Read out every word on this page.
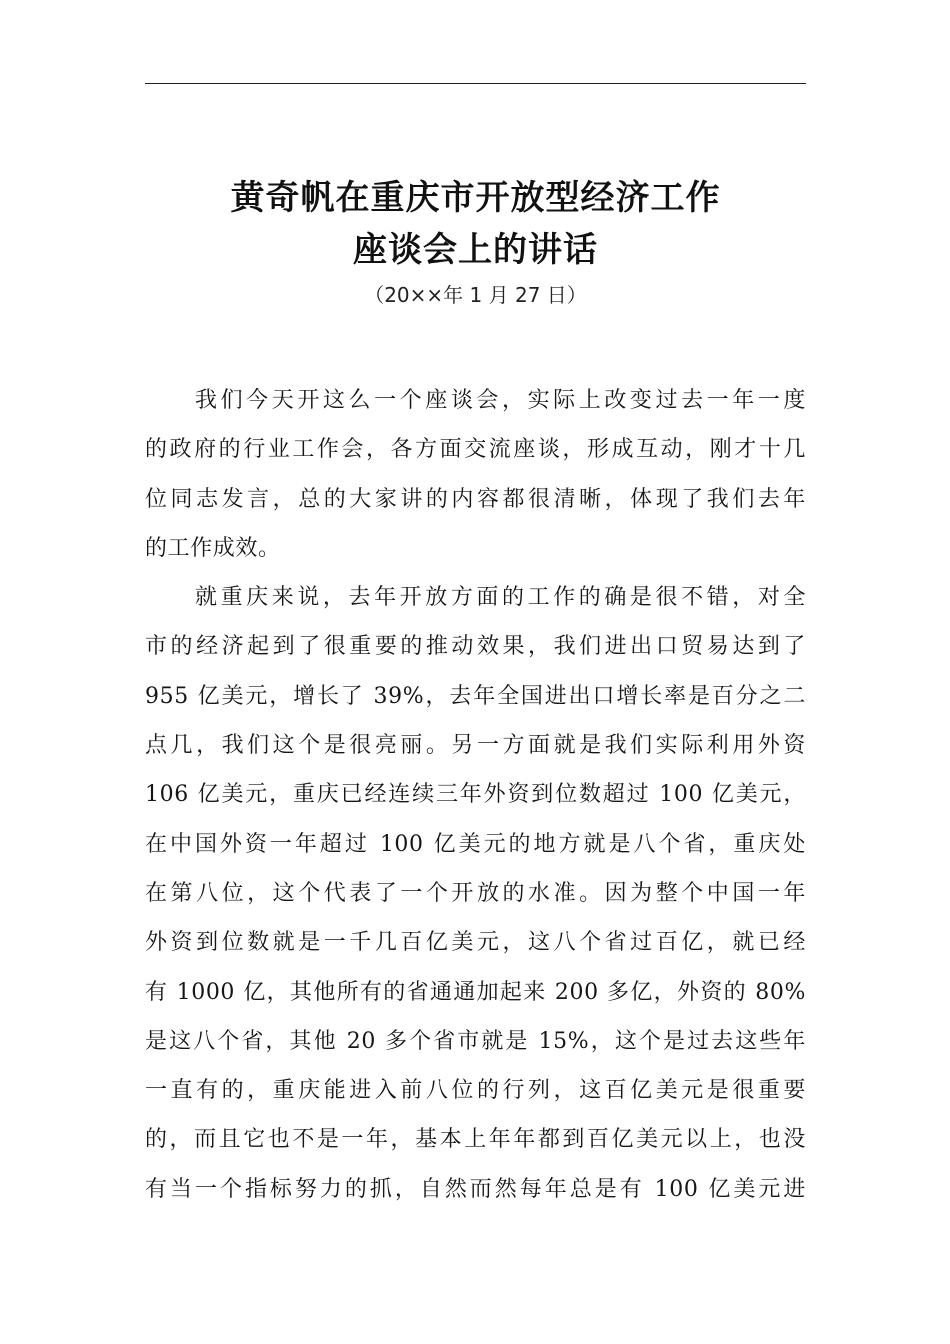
黄奇帆在重庆市开放型经济工作
座谈会上的讲话
（20××年 1 月 27 日）
我们今天开这么一个座谈会，实际上改变过去一年一度
的政府的行业工作会，各方面交流座谈，形成互动，刚才十几
位同志发言，总的大家讲的内容都很清晰，体现了我们去年
的工作成效。
就重庆来说，去年开放方面的工作的确是很不错，对全
市的经济起到了很重要的推动效果，我们进出口贸易达到了
955 亿美元，增长了 39%，去年全国进出口增长率是百分之二
点几，我们这个是很亮丽。另一方面就是我们实际利用外资
106 亿美元，重庆已经连续三年外资到位数超过 100 亿美元，
在中国外资一年超过 100 亿美元的地方就是八个省，重庆处
在第八位，这个代表了一个开放的水准。因为整个中国一年
外资到位数就是一千几百亿美元，这八个省过百亿，就已经
有 1000 亿，其他所有的省通通加起来 200 多亿，外资的 80%
是这八个省，其他 20 多个省市就是 15%，这个是过去这些年
一直有的，重庆能进入前八位的行列，这百亿美元是很重要
的，而且它也不是一年，基本上年年都到百亿美元以上，也没
有当一个指标努力的抓，自然而然每年总是有 100 亿美元进
